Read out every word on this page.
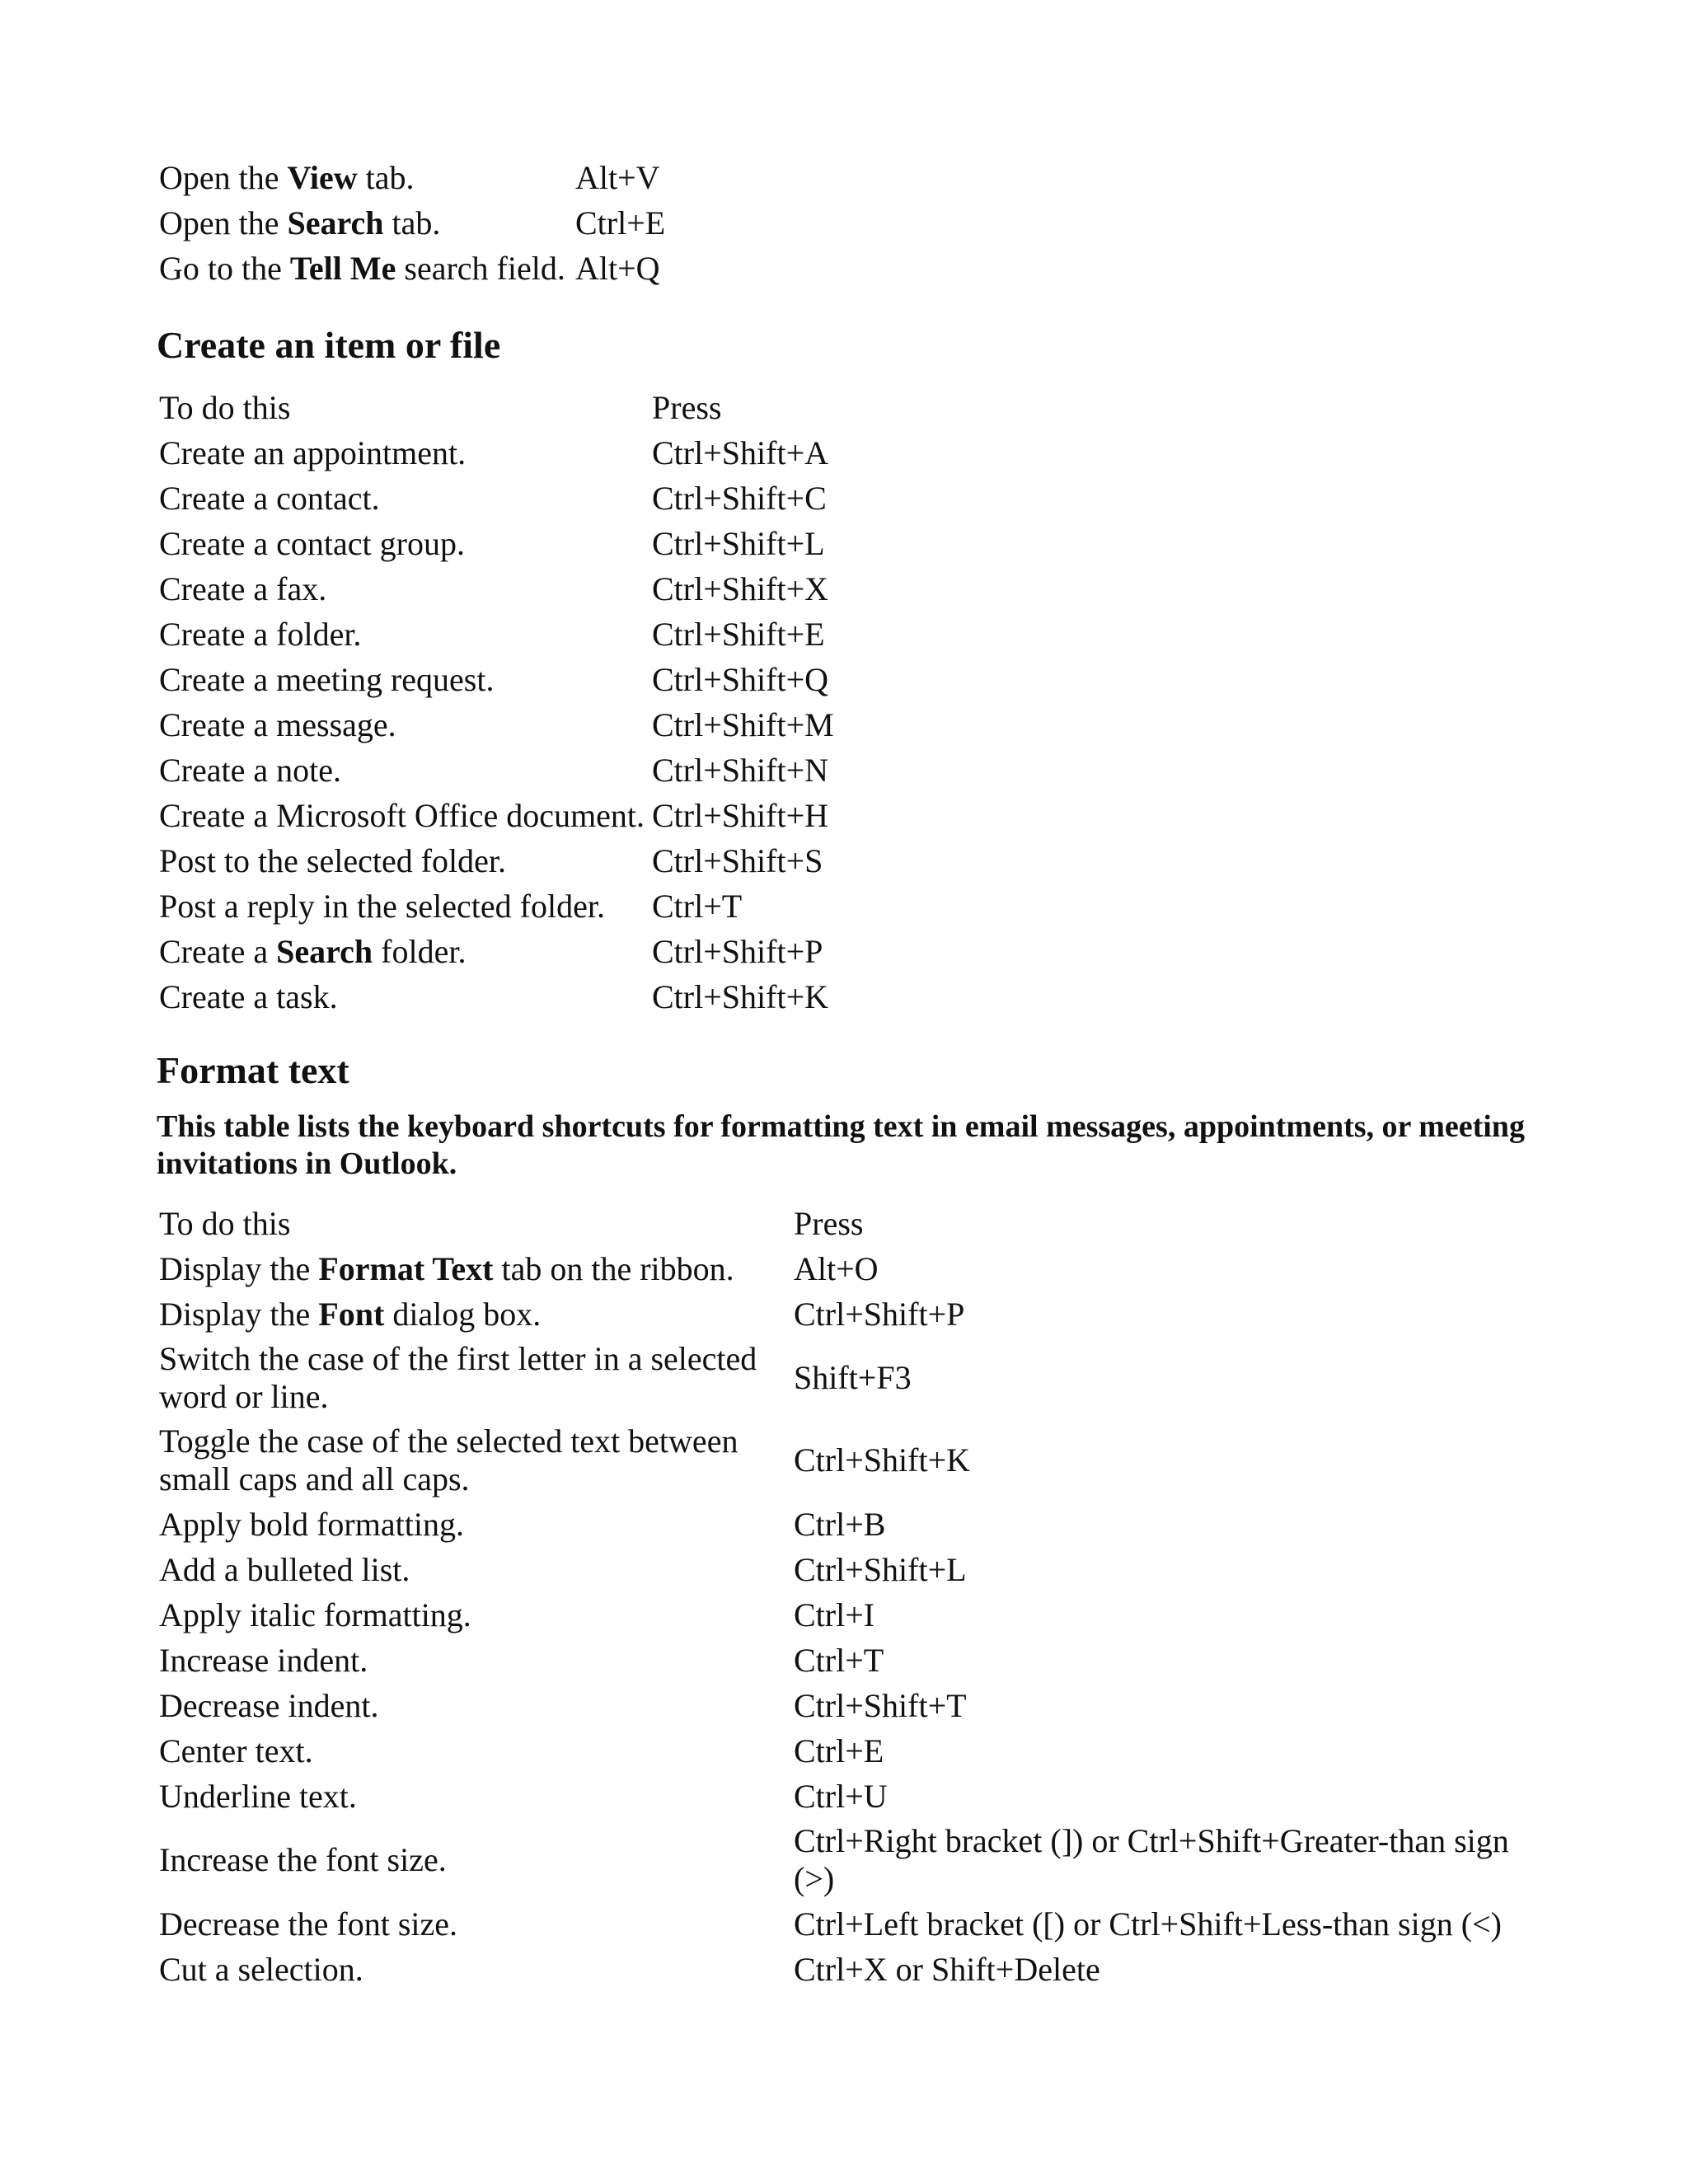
Open the View tab.	Alt+V
Open the Search tab.	Ctrl+E
Go to the Tell Me search field.	Alt+Q
Create an item or file
To do this	Press
Create an appointment.	Ctrl+Shift+A
Create a contact.	Ctrl+Shift+C
Create a contact group.	Ctrl+Shift+L
Create a fax.	Ctrl+Shift+X
Create a folder.	Ctrl+Shift+E
Create a meeting request.	Ctrl+Shift+Q
Create a message.	Ctrl+Shift+M
Create a note.	Ctrl+Shift+N
Create a Microsoft Office document.	Ctrl+Shift+H
Post to the selected folder.	Ctrl+Shift+S
Post a reply in the selected folder.	Ctrl+T
Create a Search folder.	Ctrl+Shift+P
Create a task.	Ctrl+Shift+K
Format text

This table lists the keyboard shortcuts for formatting text in email messages, appointments, or meeting invitations in Outlook.

To do this	Press
Display the Format Text tab on the ribbon.	Alt+O
Display the Font dialog box.	Ctrl+Shift+P

Switch the case of the first letter in a selected
word or line.	Shift+F3

Toggle the case of the selected text between
small caps and all caps.	Ctrl+Shift+K
Apply bold formatting.	Ctrl+B
Add a bulleted list.	Ctrl+Shift+L
Apply italic formatting.	Ctrl+I
Increase indent.	Ctrl+T
Decrease indent.	Ctrl+Shift+T
Center text.	Ctrl+E
Underline text.	Ctrl+U
Increase the font size.	Ctrl+Right bracket (]) or Ctrl+Shift+Greater-than sign
(>)

Decrease the font size.	Ctrl+Left bracket ([) or Ctrl+Shift+Less-than sign (<)
Cut a selection.	Ctrl+X or Shift+Delete
